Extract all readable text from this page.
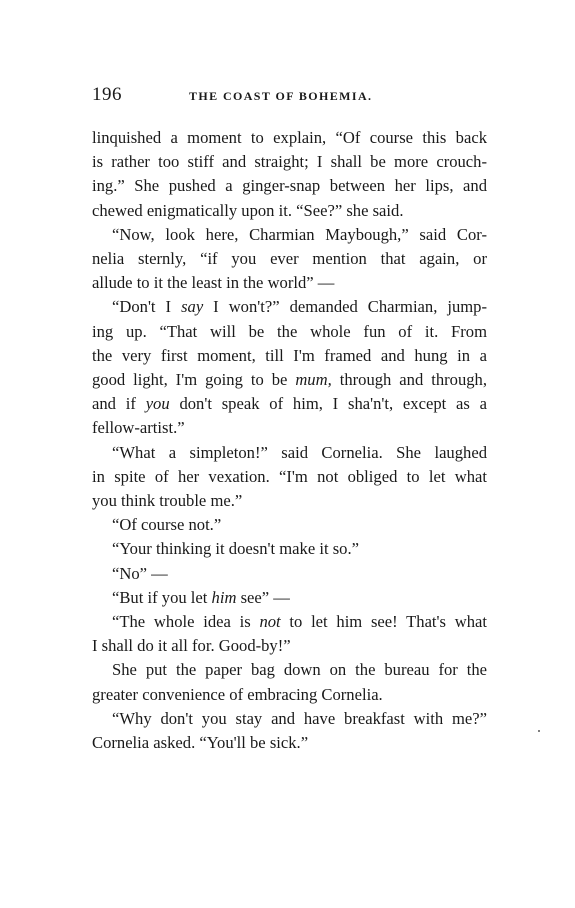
196	THE COAST OF BOHEMIA.

linquished a moment to explain, “Of course this back
is rather too stiff and straight; I shall be more crouch-
ing.” She pushed a ginger-snap between her lips, and
chewed enigmatically upon it. “See?” she said.

“Now, look here, Charmian Maybough,” said Cor-
nelia sternly, “if you ever mention that again, or
allude to it the least in the world” —

“Don't I say I won't?” demanded Charmian, jump-
ing up. “That will be the whole fun of it. From
the very first moment, till I'm framed and hung in a
good light, I'm going to be mum, through and through,
and if you don't speak of him, I sha'n't, except as a
fellow-artist.”

“What a simpleton!” said Cornelia. She laughed
in spite of her vexation. “I'm not obliged to let what
you think trouble me.”

“Of course not.”

“Your thinking it doesn't make it so.”

“No” —

“But if you let him see” —

“The whole idea is not to let him see! That's what
I shall do it all for. Good-by!”

She put the paper bag down on the bureau for the
greater convenience of embracing Cornelia.

“Why don't you stay and have breakfast with me?”
Cornelia asked. “You'll be sick.”
